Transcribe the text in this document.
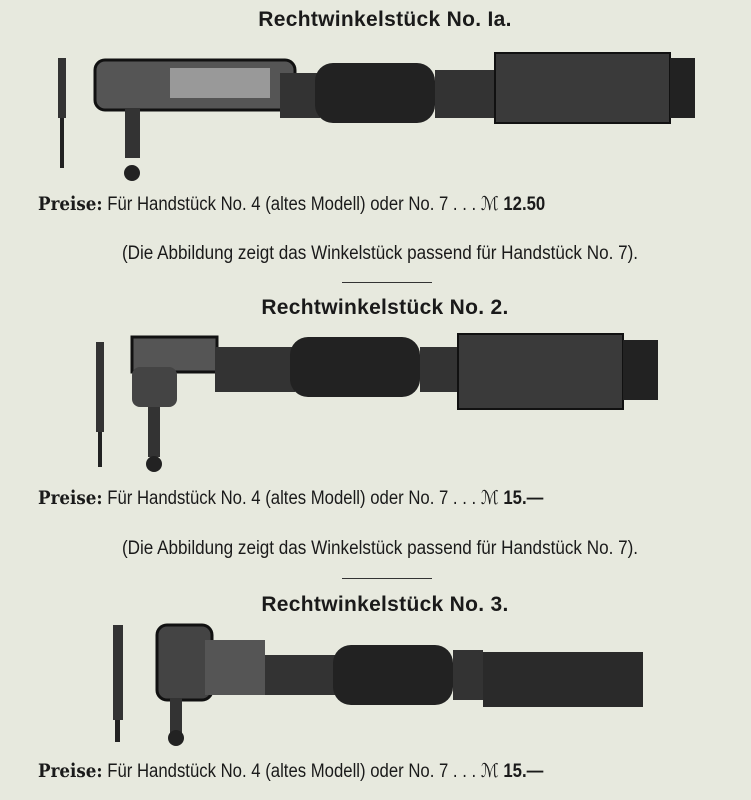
Rechtwinkelstück No. Ia.
Preise: Für Handstück No. 4 (altes Modell) oder No. 7 . . . ℳ 12.50
(Die Abbildung zeigt das Winkelstück passend für Handstück No. 7).
Rechtwinkelstück No. 2.
Preise: Für Handstück No. 4 (altes Modell) oder No. 7 . . . ℳ 15.—
(Die Abbildung zeigt das Winkelstück passend für Handstück No. 7).
Rechtwinkelstück No. 3.
Preise: Für Handstück No. 4 (altes Modell) oder No. 7 . . . ℳ 15.—
